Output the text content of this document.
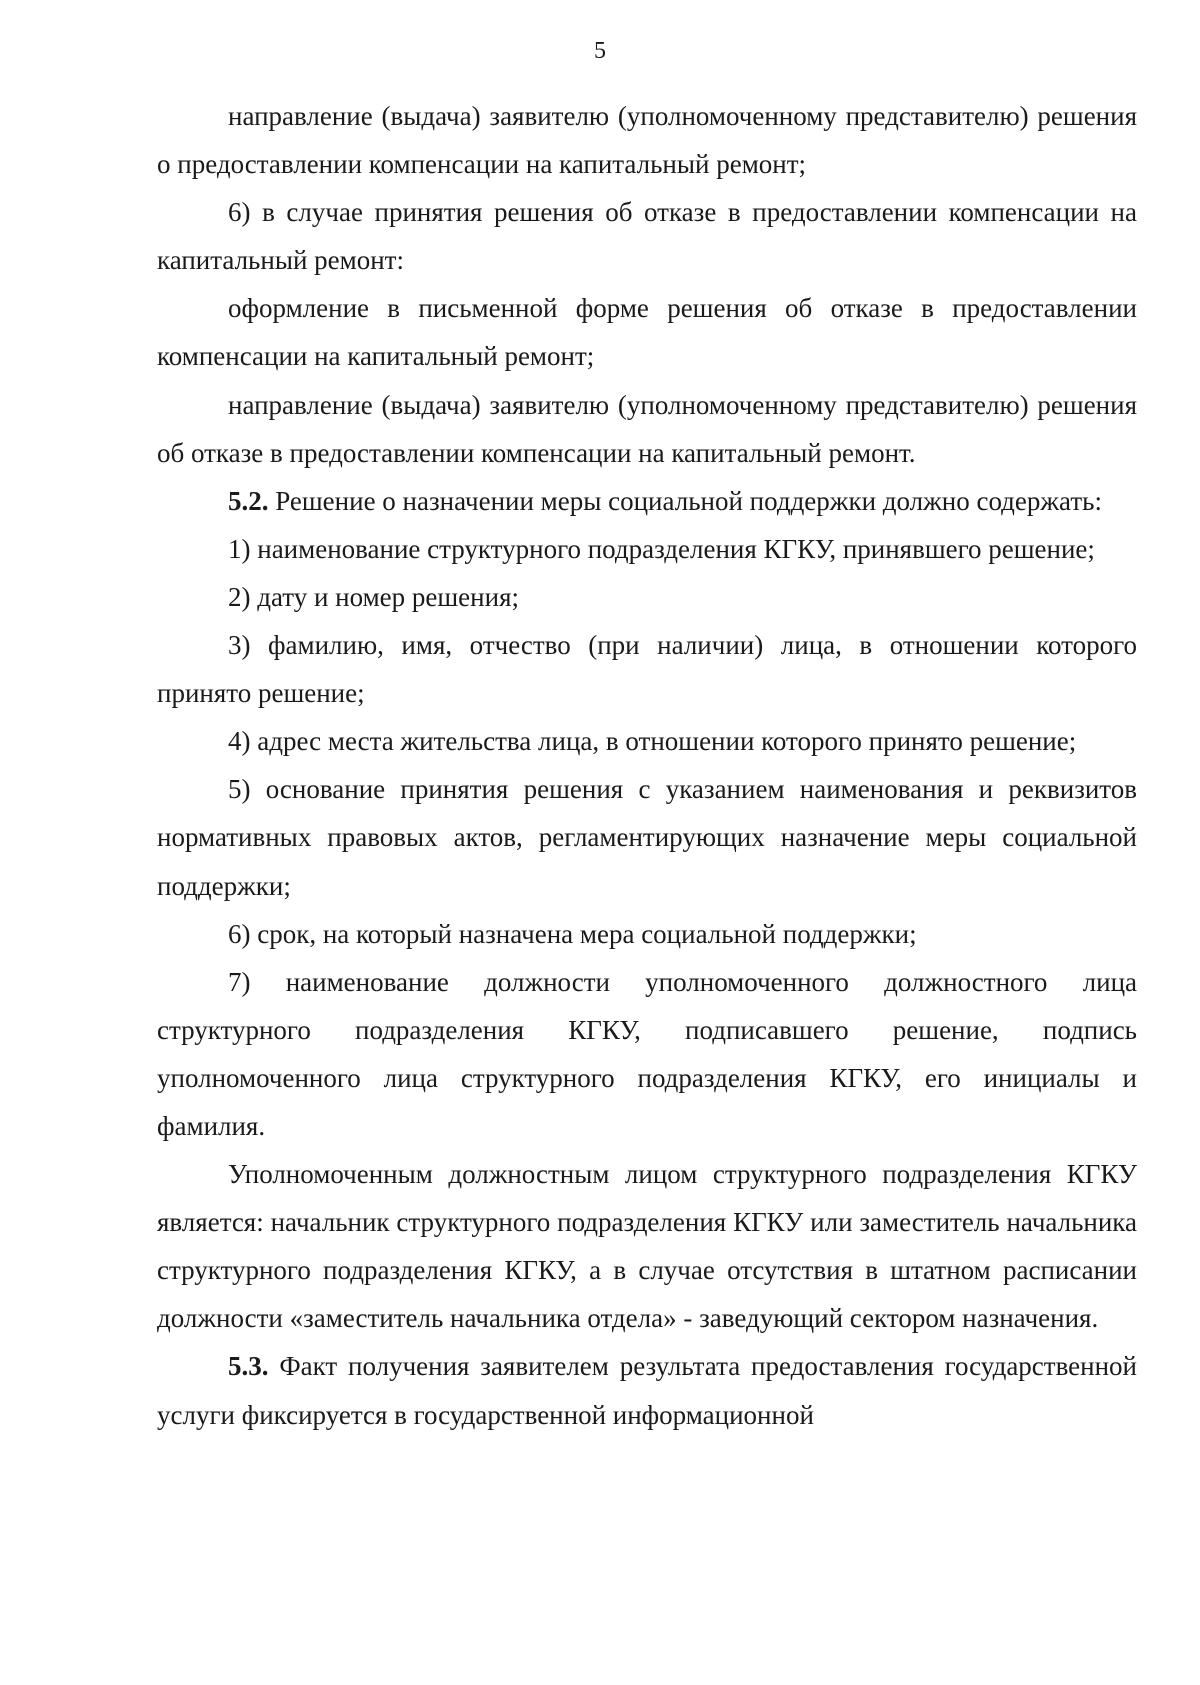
5

направление (выдача) заявителю (уполномоченному представителю) решения о предоставлении компенсации на капитальный ремонт;

6) в случае принятия решения об отказе в предоставлении компенсации на капитальный ремонт:

оформление в письменной форме решения об отказе в предоставлении компенсации на капитальный ремонт;

направление (выдача) заявителю (уполномоченному представителю) решения об отказе в предоставлении компенсации на капитальный ремонт.

5.2. Решение о назначении меры социальной поддержки должно содержать:

1) наименование структурного подразделения КГКУ, принявшего решение;

2) дату и номер решения;

3) фамилию, имя, отчество (при наличии) лица, в отношении которого принято решение;

4) адрес места жительства лица, в отношении которого принято решение;

5) основание принятия решения с указанием наименования и реквизитов нормативных правовых актов, регламентирующих назначение меры социальной поддержки;

6) срок, на который назначена мера социальной поддержки;

7) наименование должности уполномоченного должностного лица структурного подразделения КГКУ, подписавшего решение, подпись уполномоченного лица структурного подразделения КГКУ, его инициалы и фамилия.

Уполномоченным должностным лицом структурного подразделения КГКУ является: начальник структурного подразделения КГКУ или заместитель начальника структурного подразделения КГКУ, а в случае отсутствия в штатном расписании должности «заместитель начальника отдела» - заведующий сектором назначения.

5.3. Факт получения заявителем результата предоставления государственной услуги фиксируется в государственной информационной
